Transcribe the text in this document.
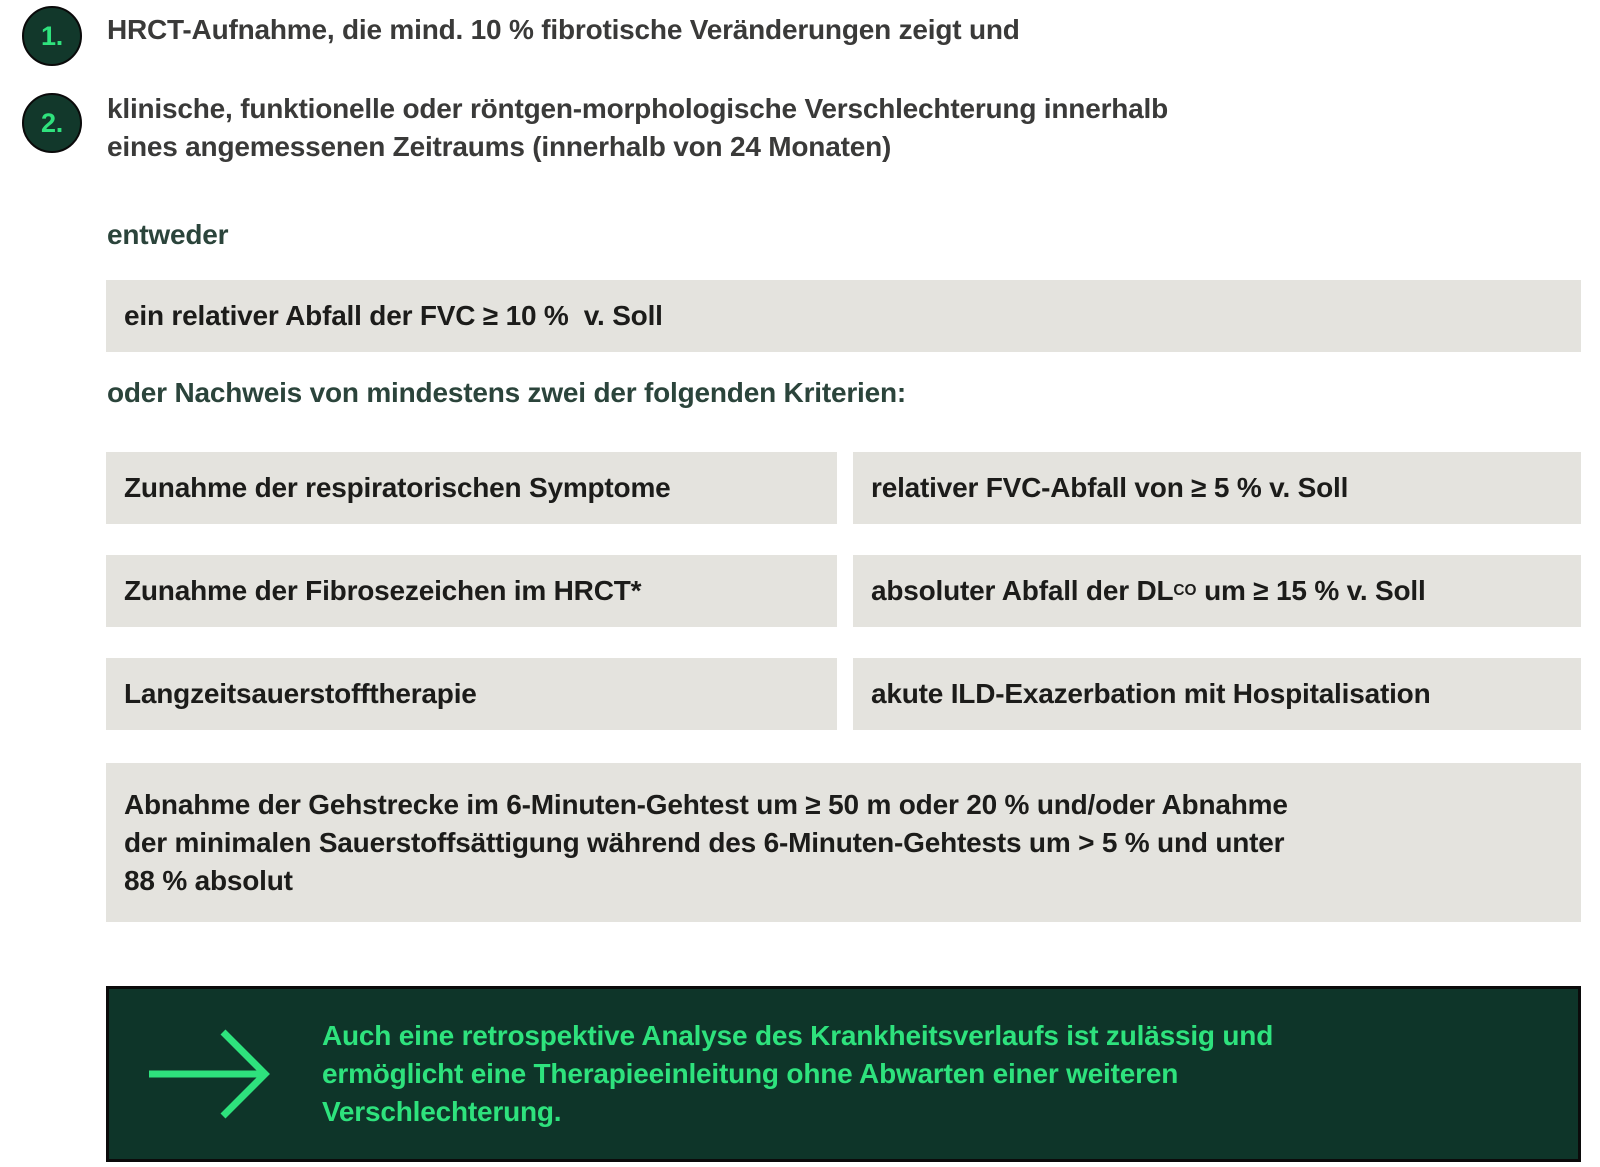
1. HRCT-Aufnahme, die mind. 10 % fibrotische Veränderungen zeigt und
2. klinische, funktionelle oder röntgen-morphologische Verschlechterung innerhalb
eines angemessenen Zeitraums (innerhalb von 24 Monaten)
entweder
ein relativer Abfall der FVC ≥ 10 %  v. Soll
oder Nachweis von mindestens zwei der folgenden Kriterien:
Zunahme der respiratorischen Symptome	relativer FVC-Abfall von ≥ 5 % v. Soll
Zunahme der Fibrosezeichen im HRCT*	absoluter Abfall der DL CO um ≥ 15 % v. Soll
Langzeitsauerstofftherapie	akute ILD-Exazerbation mit Hospitalisation
Abnahme der Gehstrecke im 6-Minuten-Gehtest um ≥ 50 m oder 20 % und/oder Abnahme
der minimalen Sauerstoffsättigung während des 6-Minuten-Gehtests um > 5 % und unter
88 % absolut
Auch eine retrospektive Analyse des Krankheitsverlaufs ist zulässig und
ermöglicht eine Therapieeinleitung ohne Abwarten einer weiteren
Verschlechterung.
